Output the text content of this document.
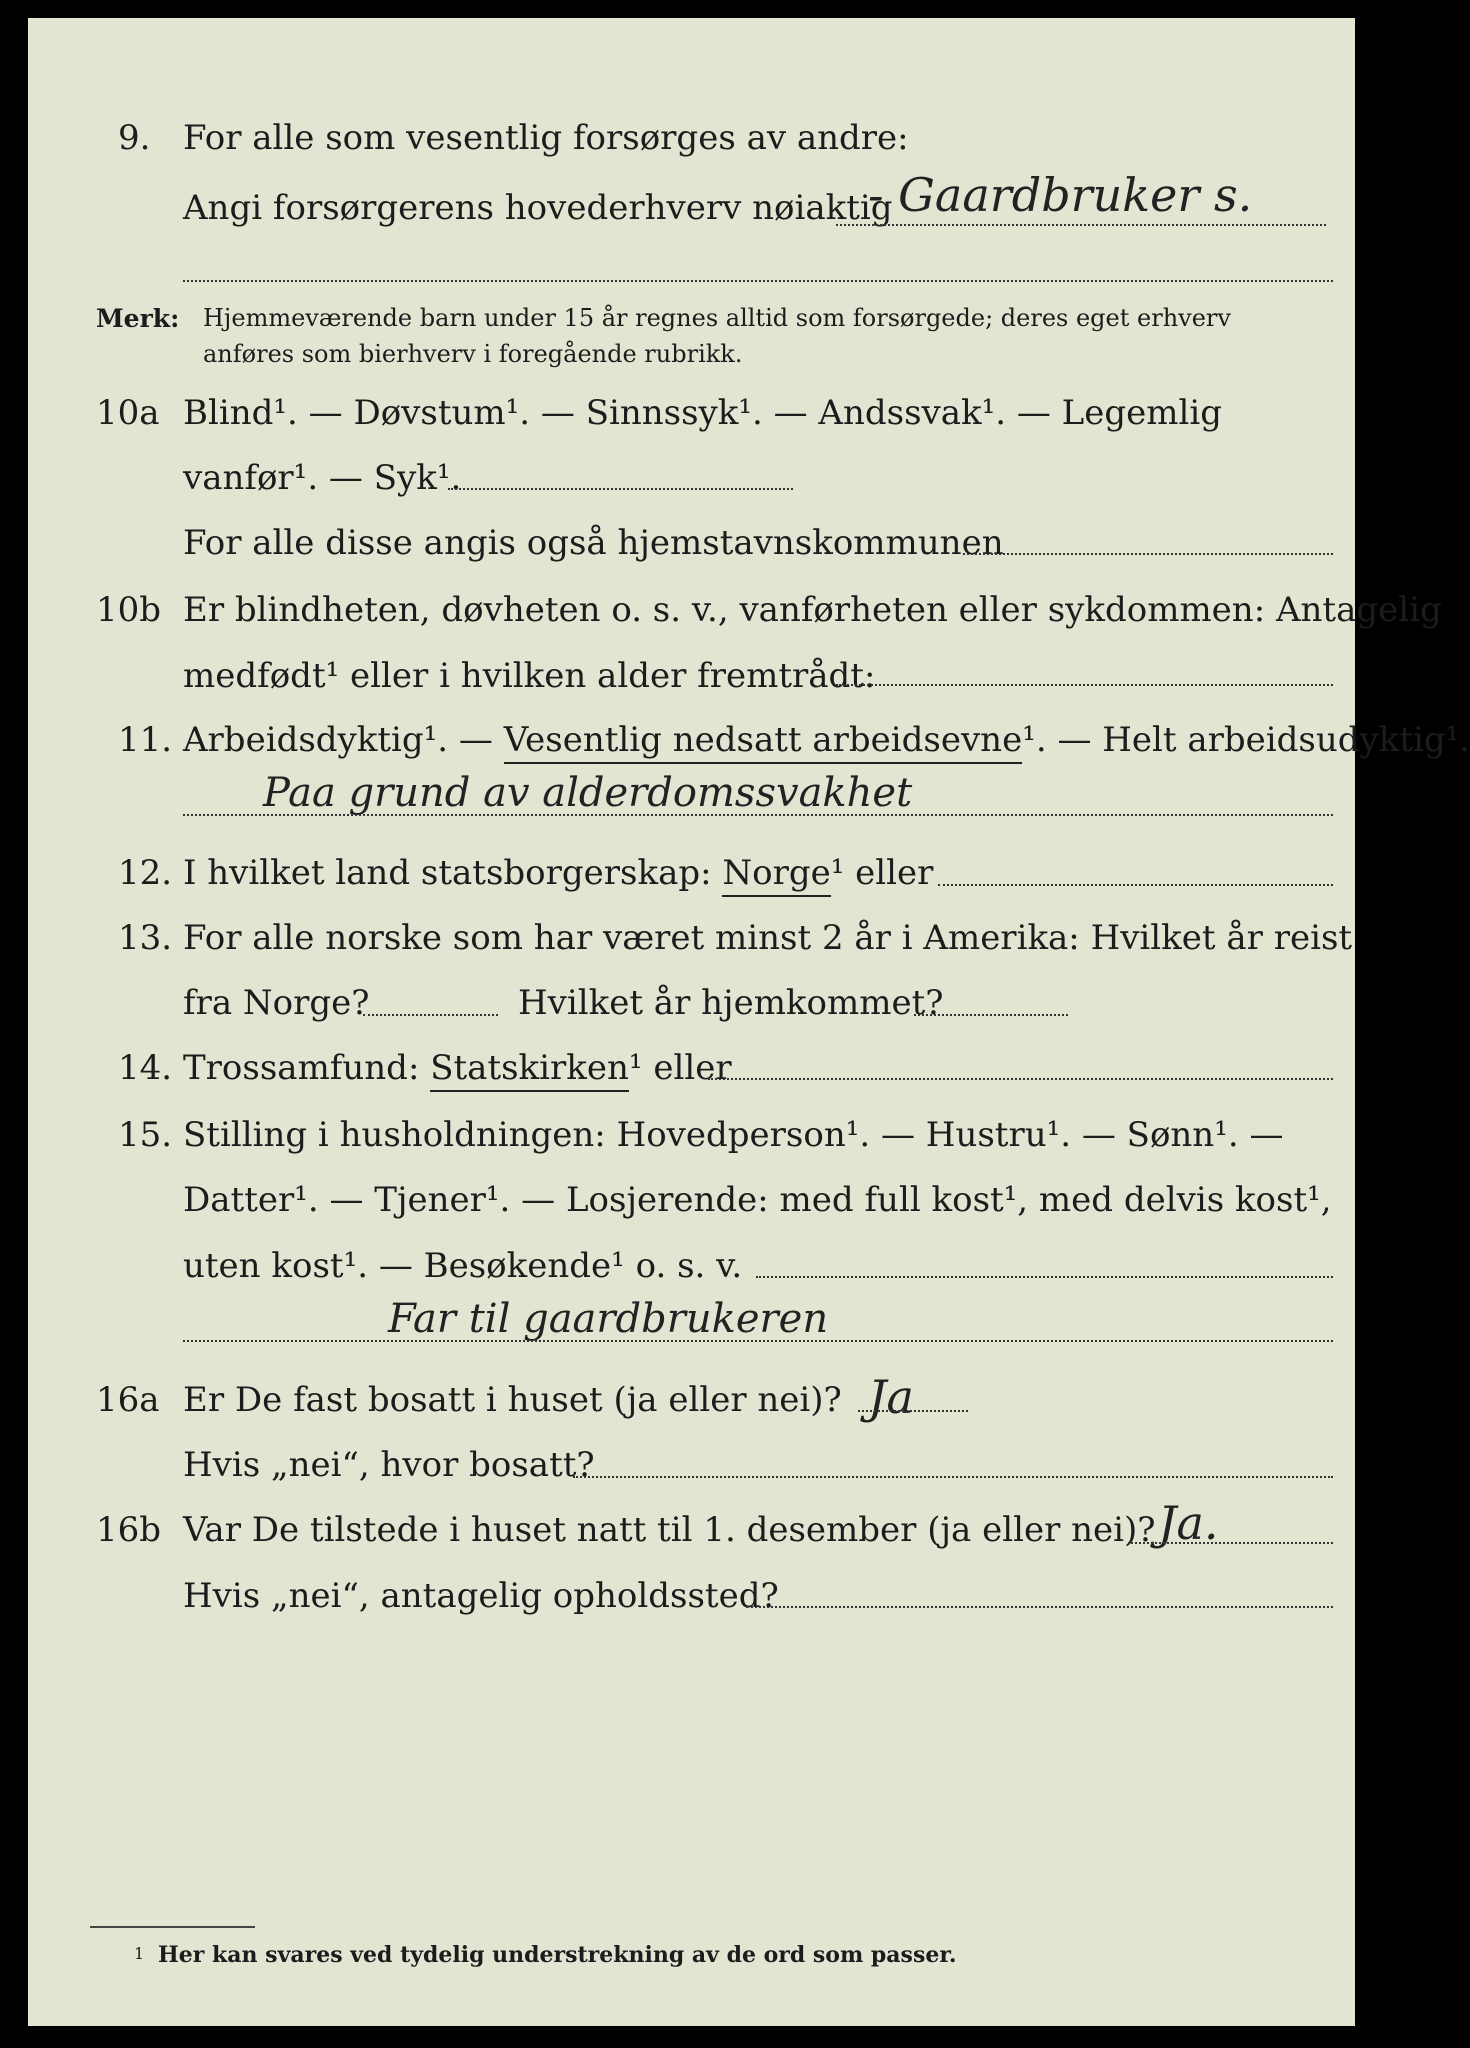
9. For alle som vesentlig forsørges av andre:
Angi forsørgerens hovederhverv nøiaktig
- Gaardbruker s.
Merk: Hjemmeværende barn under 15 år regnes alltid som forsørgede; deres eget erhverv
anføres som bierhverv i foregående rubrikk.
10a Blind¹. — Døvstum¹. — Sinnssyk¹. — Andssvak¹. — Legemlig
vanfør¹. — Syk¹.
For alle disse angis også hjemstavnskommunen
10b Er blindheten, døvheten o. s. v., vanførheten eller sykdommen: Antagelig
medfødt¹ eller i hvilken alder fremtrådt:
11. Arbeidsdyktig¹. — Vesentlig nedsatt arbeidsevne¹. — Helt arbeidsudyktig¹.
Paa grund av alderdomssvakhet
12. I hvilket land statsborgerskap: Norge¹ eller
13. For alle norske som har været minst 2 år i Amerika: Hvilket år reist
fra Norge?	Hvilket år hjemkommet?
14. Trossamfund: Statskirken¹ eller
15. Stilling i husholdningen: Hovedperson¹. — Hustru¹. — Sønn¹. —
Datter¹. — Tjener¹. — Losjerende: med full kost¹, med delvis kost¹,
uten kost¹. — Besøkende¹ o. s. v.
Far til gaardbrukeren
16a Er De fast bosatt i huset (ja eller nei)? Ja
Hvis „nei“, hvor bosatt?
16b Var De tilstede i huset natt til 1. desember (ja eller nei)? Ja.
Hvis „nei“, antagelig opholdssted?
1 Her kan svares ved tydelig understrekning av de ord som passer.
